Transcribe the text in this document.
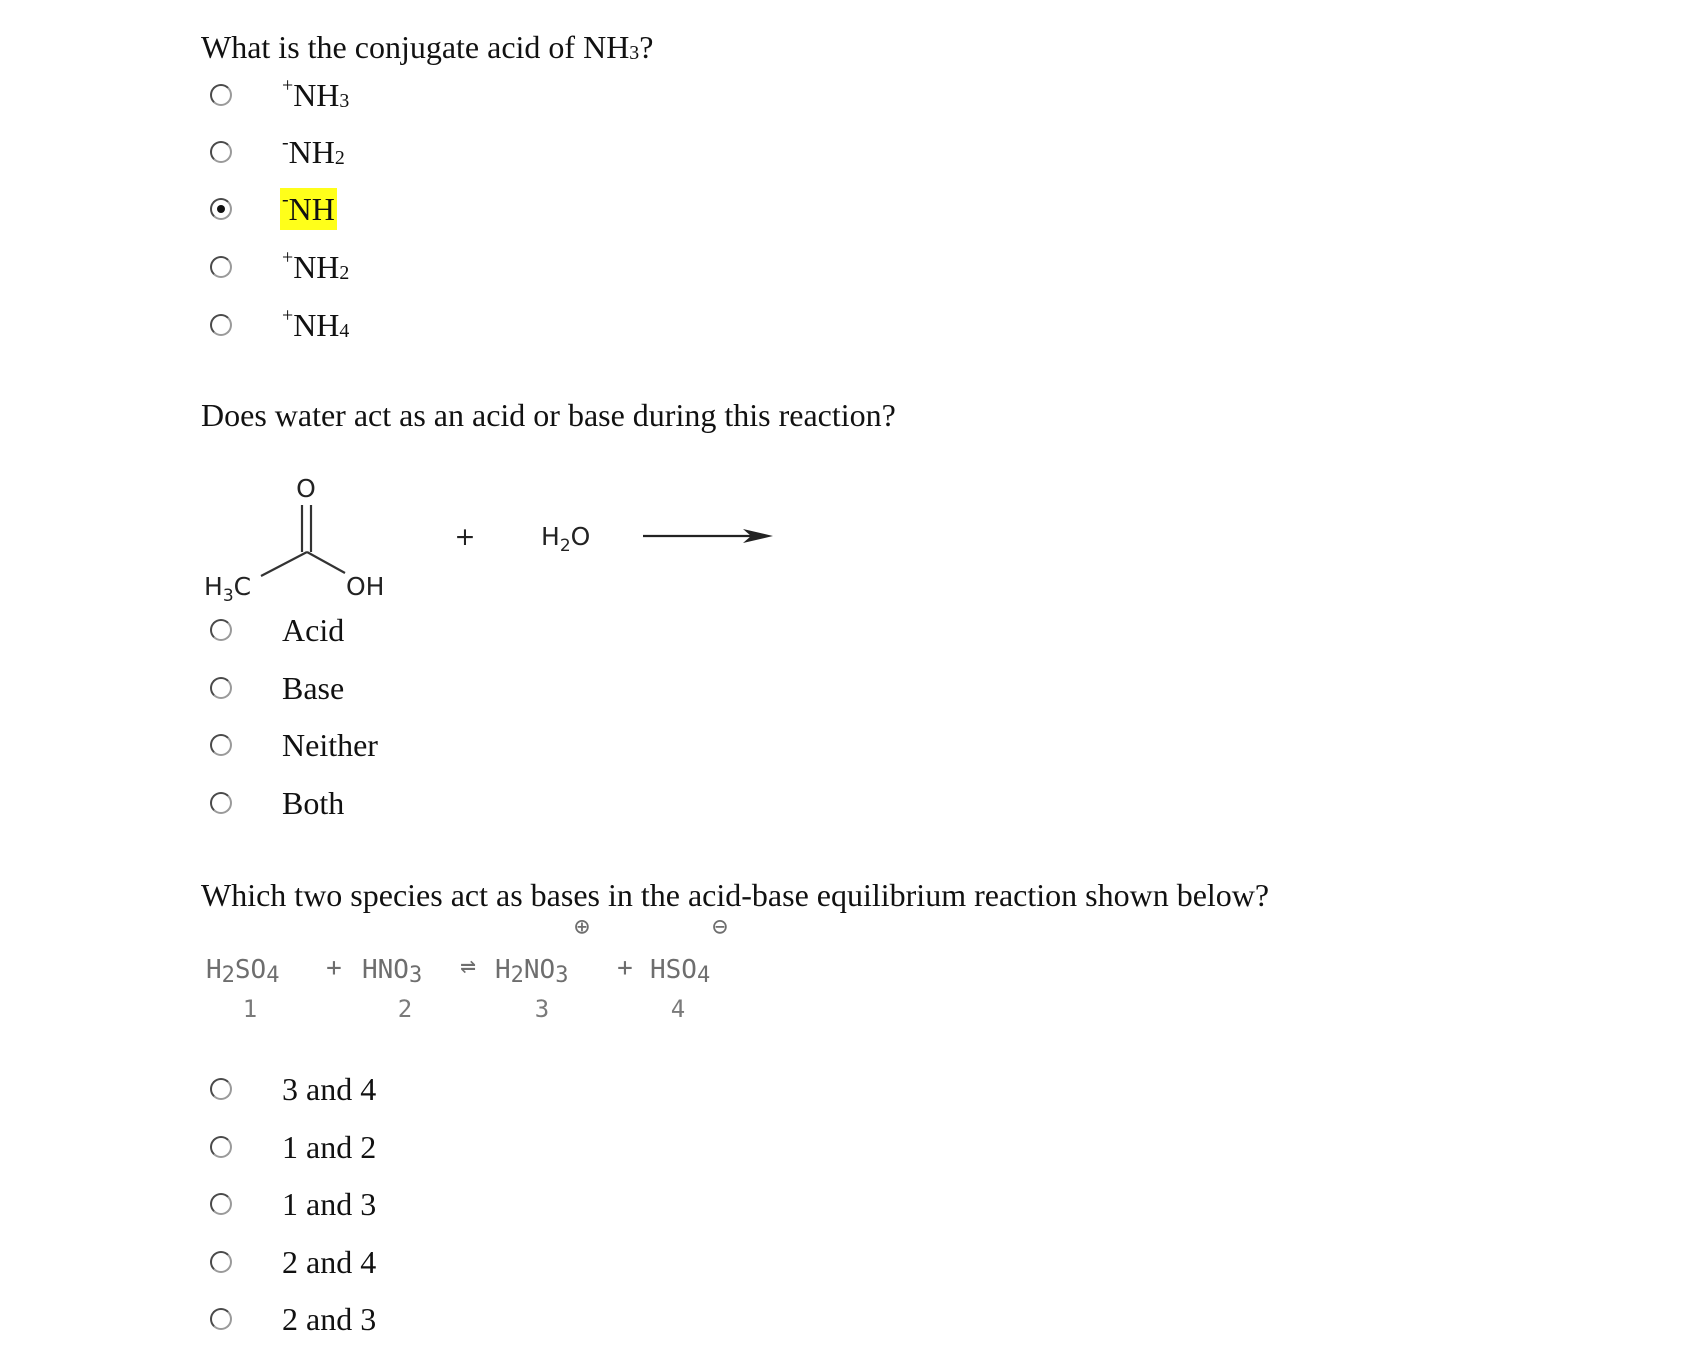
What is the conjugate acid of $NH_3$?
$^+NH_3$
$^-NH_2$
-NH
$^+NH_2$
$^+NH_4$
Does water act as an acid or base during this reaction?
O
$H_3C$	OH
+	$H_2O$
Acid
Base
Neither
Both
Which two species act as bases in the acid-base equilibrium reaction shown below?
⊕	⊖
H2SO4 + HNO3 ⇌ H2NO3 + HSO4
1	2	3	4
3 and 4
1 and 2
1 and 3
2 and 4
2 and 3
